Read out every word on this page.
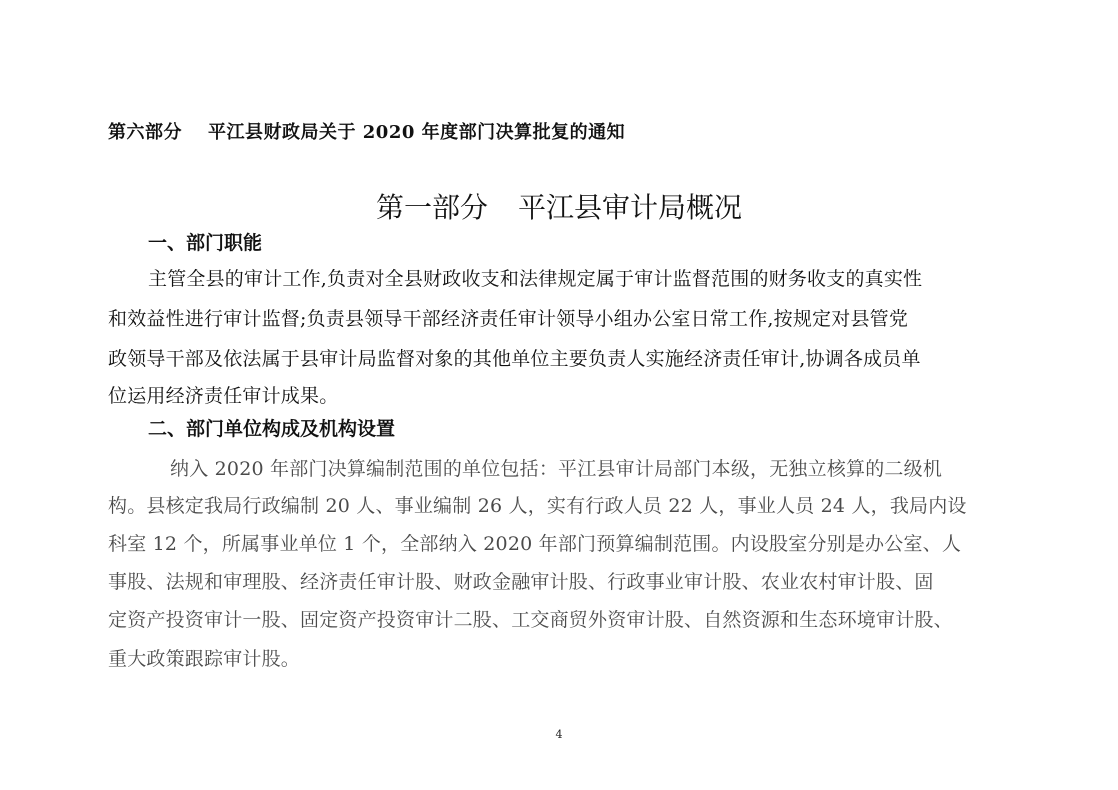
第六部分 平江县财政局关于 2020 年度部门决算批复的通知
第一部分 平江县审计局概况
一、部门职能
主管全县的审计工作,负责对全县财政收支和法律规定属于审计监督范围的财务收支的真实性
和效益性进行审计监督;负责县领导干部经济责任审计领导小组办公室日常工作,按规定对县管党
政领导干部及依法属于县审计局监督对象的其他单位主要负责人实施经济责任审计,协调各成员单
位运用经济责任审计成果。
二、部门单位构成及机构设置
纳入 2020 年部门决算编制范围的单位包括：平江县审计局部门本级，无独立核算的二级机
构。县核定我局行政编制 20 人、事业编制 26 人，实有行政人员 22 人，事业人员 24 人，我局内设
科室 12 个，所属事业单位 1 个，全部纳入 2020 年部门预算编制范围。内设股室分别是办公室、人
事股、法规和审理股、经济责任审计股、财政金融审计股、行政事业审计股、农业农村审计股、固
定资产投资审计一股、固定资产投资审计二股、工交商贸外资审计股、自然资源和生态环境审计股、
重大政策跟踪审计股。
4
